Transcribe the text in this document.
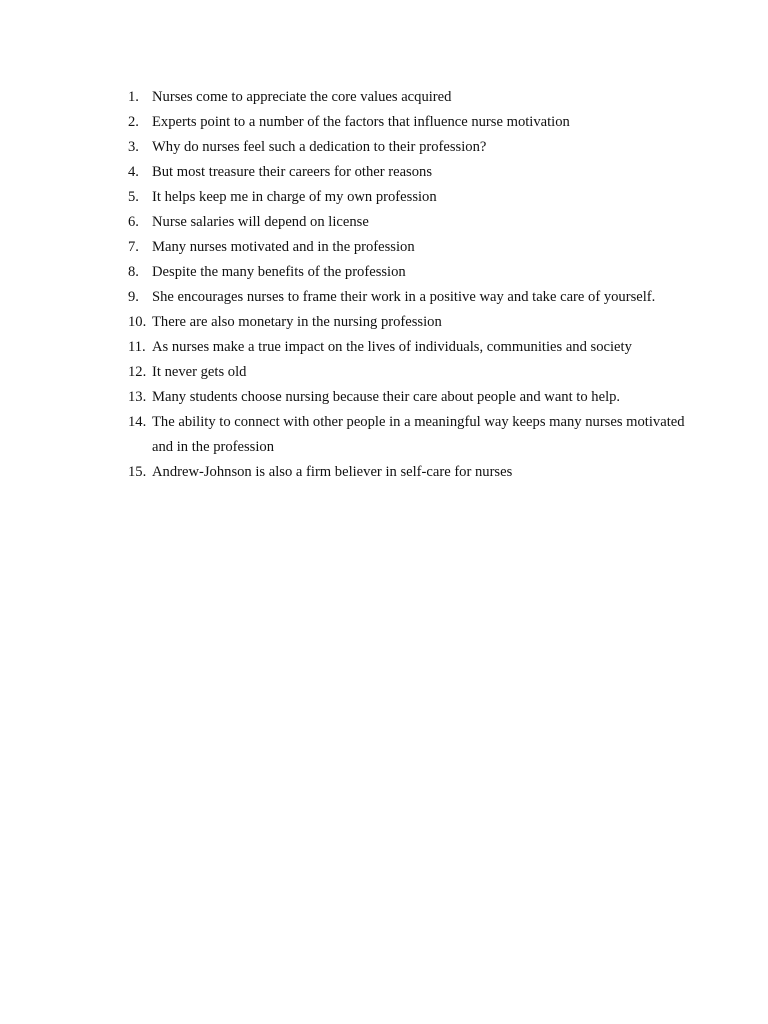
1. Nurses come to appreciate the core values acquired
2. Experts point to a number of the factors that influence nurse motivation
3. Why do nurses feel such a dedication to their profession?
4. But most treasure their careers for other reasons
5. It helps keep me in charge of my own profession
6. Nurse salaries will depend on license
7. Many nurses motivated and in the profession
8. Despite the many benefits of the profession
9. She encourages nurses to frame their work in a positive way and take care of yourself.
10. There are also monetary in the nursing profession
11. As nurses make a true impact on the lives of individuals, communities and society
12. It never gets old
13. Many students choose nursing because their care about people and want to help.
14. The ability to connect with other people in a meaningful way keeps many nurses motivated and in the profession
15. Andrew-Johnson is also a firm believer in self-care for nurses
